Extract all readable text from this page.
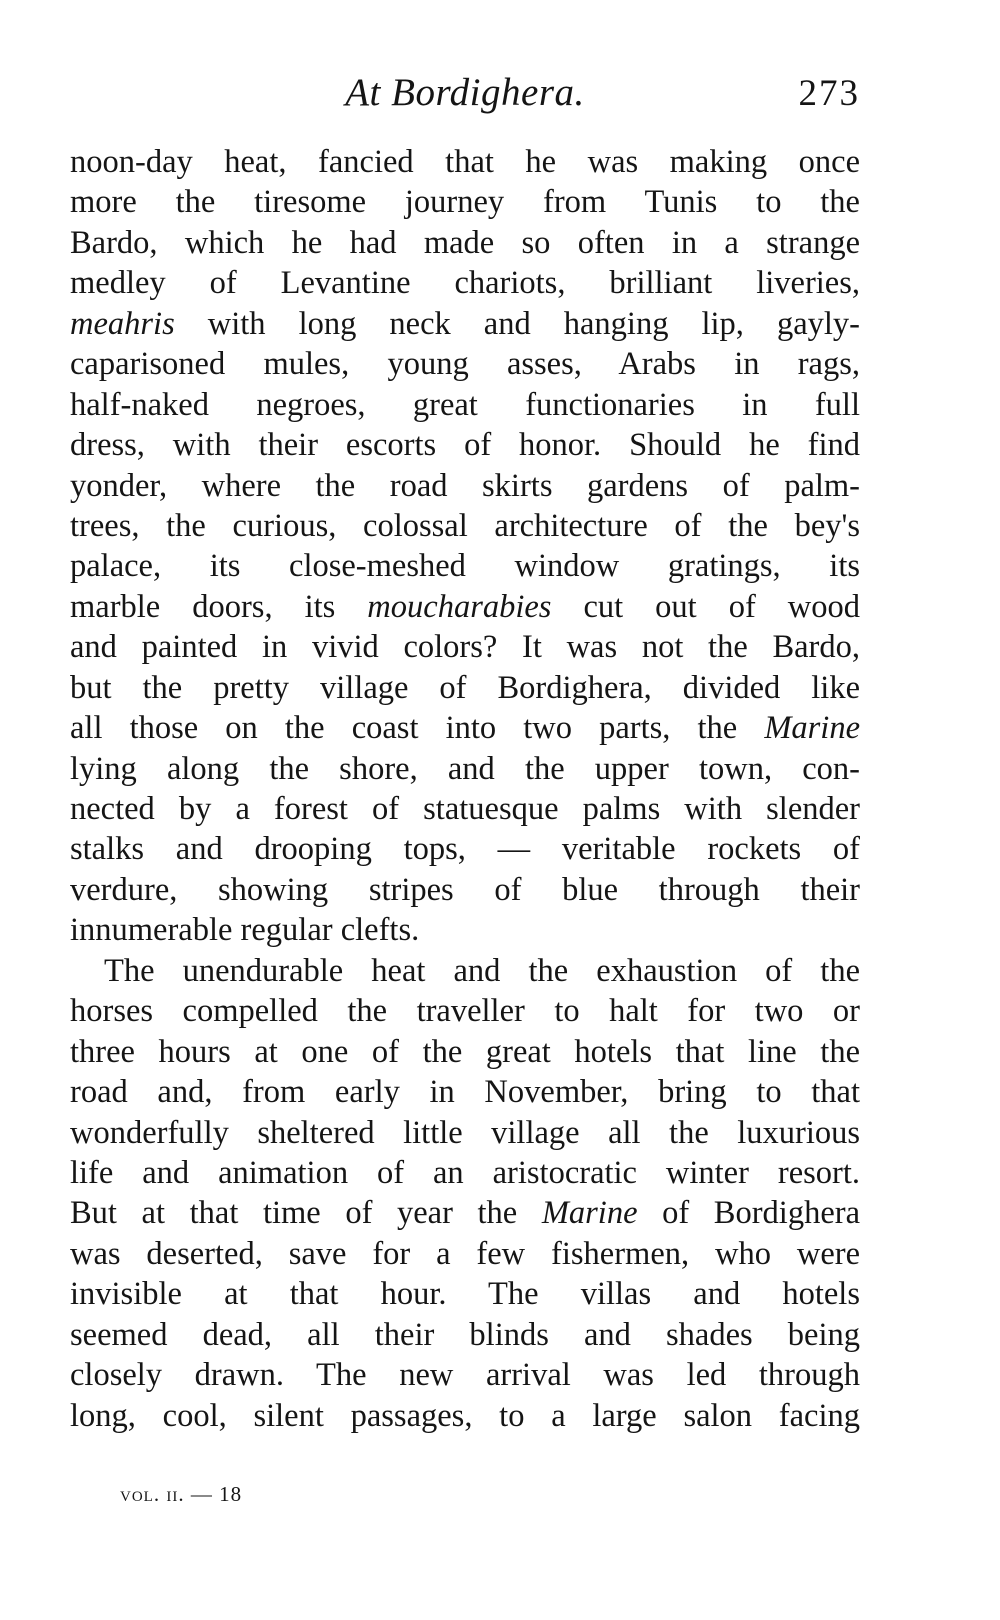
At Bordighera.	273
noon-day heat, fancied that he was making once
more the tiresome journey from Tunis to the
Bardo, which he had made so often in a strange
medley of Levantine chariots, brilliant liveries,
meahris with long neck and hanging lip, gayly-
caparisoned mules, young asses, Arabs in rags,
half-naked negroes, great functionaries in full
dress, with their escorts of honor. Should he find
yonder, where the road skirts gardens of palm-
trees, the curious, colossal architecture of the bey's
palace, its close-meshed window gratings, its
marble doors, its moucharabies cut out of wood
and painted in vivid colors? It was not the Bardo,
but the pretty village of Bordighera, divided like
all those on the coast into two parts, the Marine
lying along the shore, and the upper town, con-
nected by a forest of statuesque palms with slender
stalks and drooping tops, — veritable rockets of
verdure, showing stripes of blue through their
innumerable regular clefts.
The unendurable heat and the exhaustion of the
horses compelled the traveller to halt for two or
three hours at one of the great hotels that line the
road and, from early in November, bring to that
wonderfully sheltered little village all the luxurious
life and animation of an aristocratic winter resort.
But at that time of year the Marine of Bordighera
was deserted, save for a few fishermen, who were
invisible at that hour. The villas and hotels
seemed dead, all their blinds and shades being
closely drawn. The new arrival was led through
long, cool, silent passages, to a large salon facing
vol. ii. — 18
